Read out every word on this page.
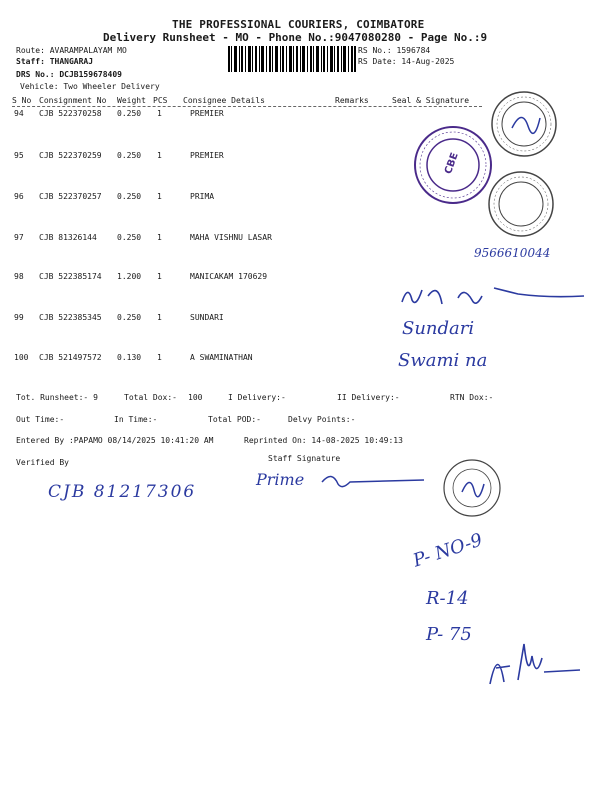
THE PROFESSIONAL COURIERS, COIMBATORE
Delivery Runsheet - MO - Phone No.:9047080280 - Page No.:9
Route: AVARAMPALAYAM MO
Staff: THANGARAJ
DRS No.: DCJB159678409
Vehicle: Two Wheeler Delivery
RS No.: 1596784
RS Date: 14-Aug-2025
S No Consignment No Weight PCS Consignee Details	Remarks	Seal & Signature
94 CJB 522370258 0.250 1	PREMIER
95 CJB 522370259 0.250 1	PREMIER
96 CJB 522370257 0.250 1	PRIMA
97 CJB 81326144	0.250 1	MAHA VISHNU LASAR
98 CJB 522385174 1.200 1	MANICAKAM 170629
99 CJB 522385345 0.250 1	SUNDARI
100 CJB 521497572 0.130 1	A SWAMINATHAN
Tot. Runsheet:- 9	Total Dox:- 100	I Delivery:-	II Delivery:-	RTN Dox:-
Out Time:-	In Time:-	Total POD:-	Delvy Points:-
Entered By :PAPAMO 08/14/2025 10:41:20 AM	Reprinted On: 14-08-2025 10:49:13
Verified By	Staff Signature
CBE
9566610044
Sundari
Swami na
CJB 81217306
Prime
P- NO-9
R-14
P- 75
